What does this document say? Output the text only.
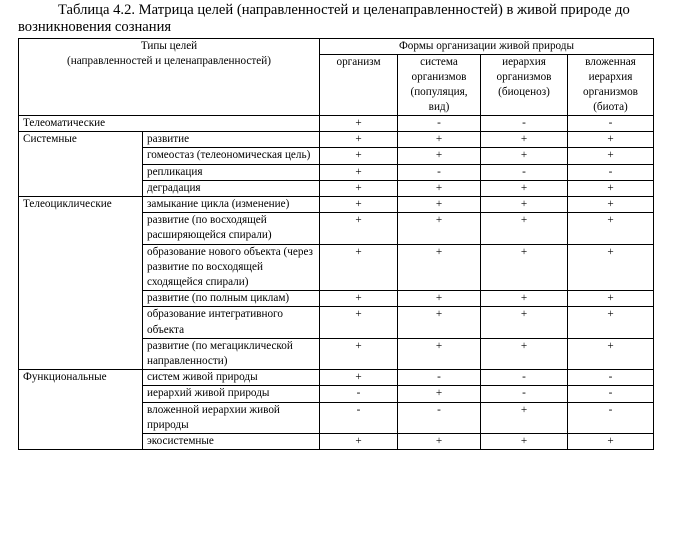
Таблица 4.2. Матрица целей (направленностей и целенаправленностей) в живой природе до
возникновения сознания
Типы целей
(направленностей и целенаправленностей)		Формы организации живой природы			
		организм	система
организмов
(популяция,
вид)	иерархия
организмов
(биоценоз)	вложенная
иерархия
организмов
(биота)
Телеоматические		+	-	-	-
Системные	развитие	+	+	+	+
	гомеостаз (телеономическая цель)	+	+	+	+
	репликация	+	-	-	-
	деградация	+	+	+	+
Телеоциклические	замыкание цикла (изменение)	+	+	+	+
	развитие (по восходящей расширяющейся спирали)	+	+	+	+
	образование нового объекта (через развитие по восходящей сходящейся спирали)	+	+	+	+
	развитие (по полным циклам)	+	+	+	+
	образование интегративного объекта	+	+	+	+
	развитие (по мегациклической направленности)	+	+	+	+
Функциональные	систем живой природы	+	-	-	-
	иерархий живой природы	-	+	-	-
	вложенной иерархии живой природы	-	-	+	-
	экосистемные	+	+	+	+
